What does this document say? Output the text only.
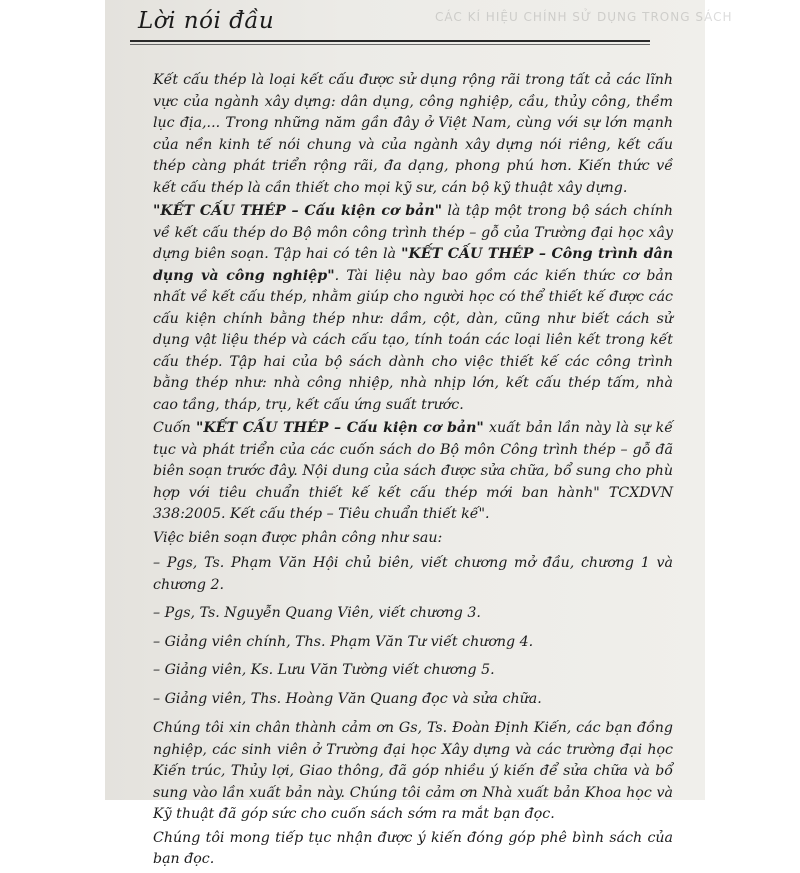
CÁC KÍ HIỆU CHÍNH SỬ DỤNG TRONG SÁCH
Lời nói đầu

Kết cấu thép là loại kết cấu được sử dụng rộng rãi trong tất cả các lĩnh vực của ngành xây dựng: dân dụng, công nghiệp, cầu, thủy công, thềm lục địa,... Trong những năm gần đây ở Việt Nam, cùng với sự lớn mạnh của nền kinh tế nói chung và của ngành xây dựng nói riêng, kết cấu thép càng phát triển rộng rãi, đa dạng, phong phú hơn. Kiến thức về kết cấu thép là cần thiết cho mọi kỹ sư, cán bộ kỹ thuật xây dựng.

"KẾT CẤU THÉP – Cấu kiện cơ bản" là tập một trong bộ sách chính về kết cấu thép do Bộ môn công trình thép – gỗ của Trường đại học xây dựng biên soạn. Tập hai có tên là "KẾT CẤU THÉP – Công trình dân dụng và công nghiệp". Tài liệu này bao gồm các kiến thức cơ bản nhất về kết cấu thép, nhằm giúp cho người học có thể thiết kế được các cấu kiện chính bằng thép như: dầm, cột, dàn, cũng như biết cách sử dụng vật liệu thép và cách cấu tạo, tính toán các loại liên kết trong kết cấu thép. Tập hai của bộ sách dành cho việc thiết kế các công trình bằng thép như: nhà công nhiệp, nhà nhịp lớn, kết cấu thép tấm, nhà cao tầng, tháp, trụ, kết cấu ứng suất trước.

Cuốn "KẾT CẤU THÉP – Cấu kiện cơ bản" xuất bản lần này là sự kế tục và phát triển của các cuốn sách do Bộ môn Công trình thép – gỗ đã biên soạn trước đây. Nội dung của sách được sửa chữa, bổ sung cho phù hợp với tiêu chuẩn thiết kế kết cấu thép mới ban hành" TCXDVN 338:2005. Kết cấu thép – Tiêu chuẩn thiết kế".

Việc biên soạn được phân công như sau:

– Pgs, Ts. Phạm Văn Hội chủ biên, viết chương mở đầu, chương 1 và chương 2.
– Pgs, Ts. Nguyễn Quang Viên, viết chương 3.
– Giảng viên chính, Ths. Phạm Văn Tư viết chương 4.
– Giảng viên, Ks. Lưu Văn Tường viết chương 5.
– Giảng viên, Ths. Hoàng Văn Quang đọc và sửa chữa.

Chúng tôi xin chân thành cảm ơn Gs, Ts. Đoàn Định Kiến, các bạn đồng nghiệp, các sinh viên ở Trường đại học Xây dựng và các trường đại học Kiến trúc, Thủy lợi, Giao thông, đã góp nhiều ý kiến để sửa chữa và bổ sung vào lần xuất bản này. Chúng tôi cảm ơn Nhà xuất bản Khoa học và Kỹ thuật đã góp sức cho cuốn sách sớm ra mắt bạn đọc.

Chúng tôi mong tiếp tục nhận được ý kiến đóng góp phê bình sách của bạn đọc.
